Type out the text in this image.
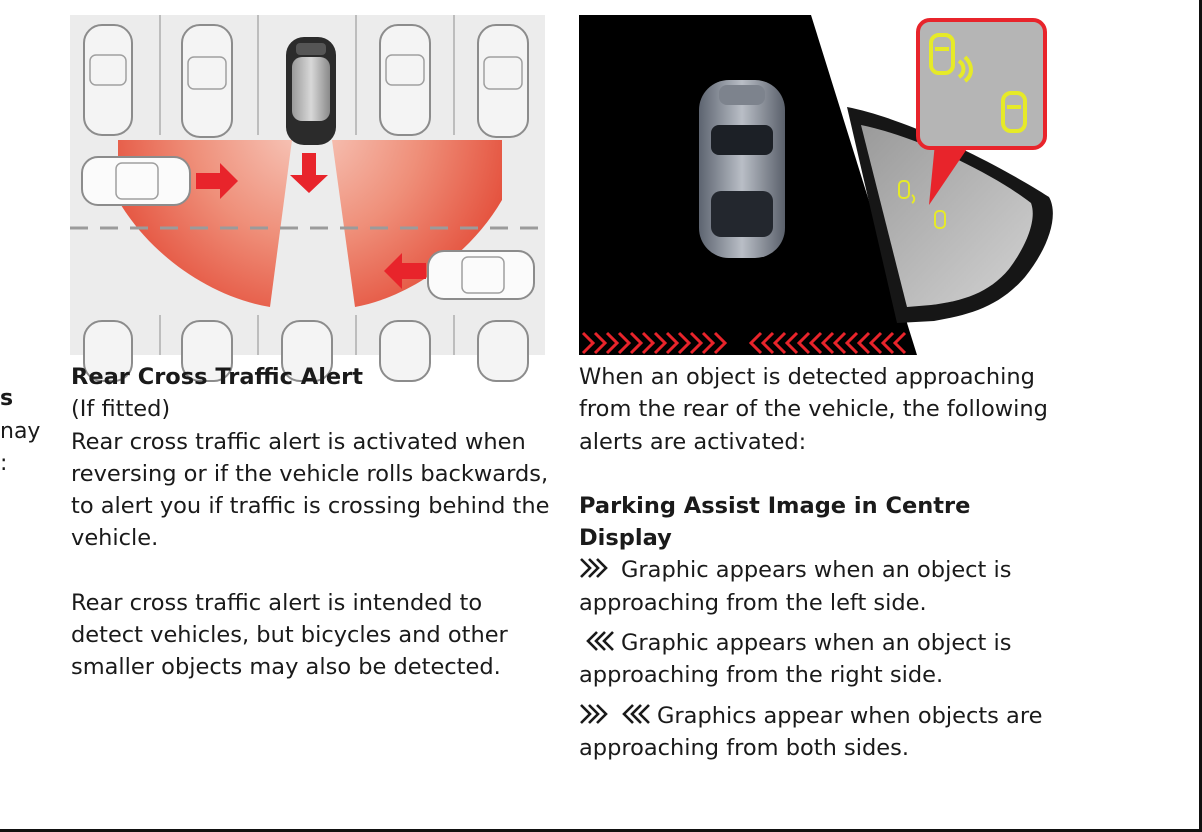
s
nay
:

Rear Cross Traffic Alert

(If fitted)

Rear cross traffic alert is activated when reversing or if the vehicle rolls backwards, to alert you if traffic is crossing behind the vehicle.

Rear cross traffic alert is intended to detect vehicles, but bicycles and other smaller objects may also be detected.

When an object is detected approaching from the rear of the vehicle, the following alerts are activated:

Parking Assist Image in Centre Display

Graphic appears when an object is approaching from the left side.

Graphic appears when an object is approaching from the right side.

Graphics appear when objects are approaching from both sides.
